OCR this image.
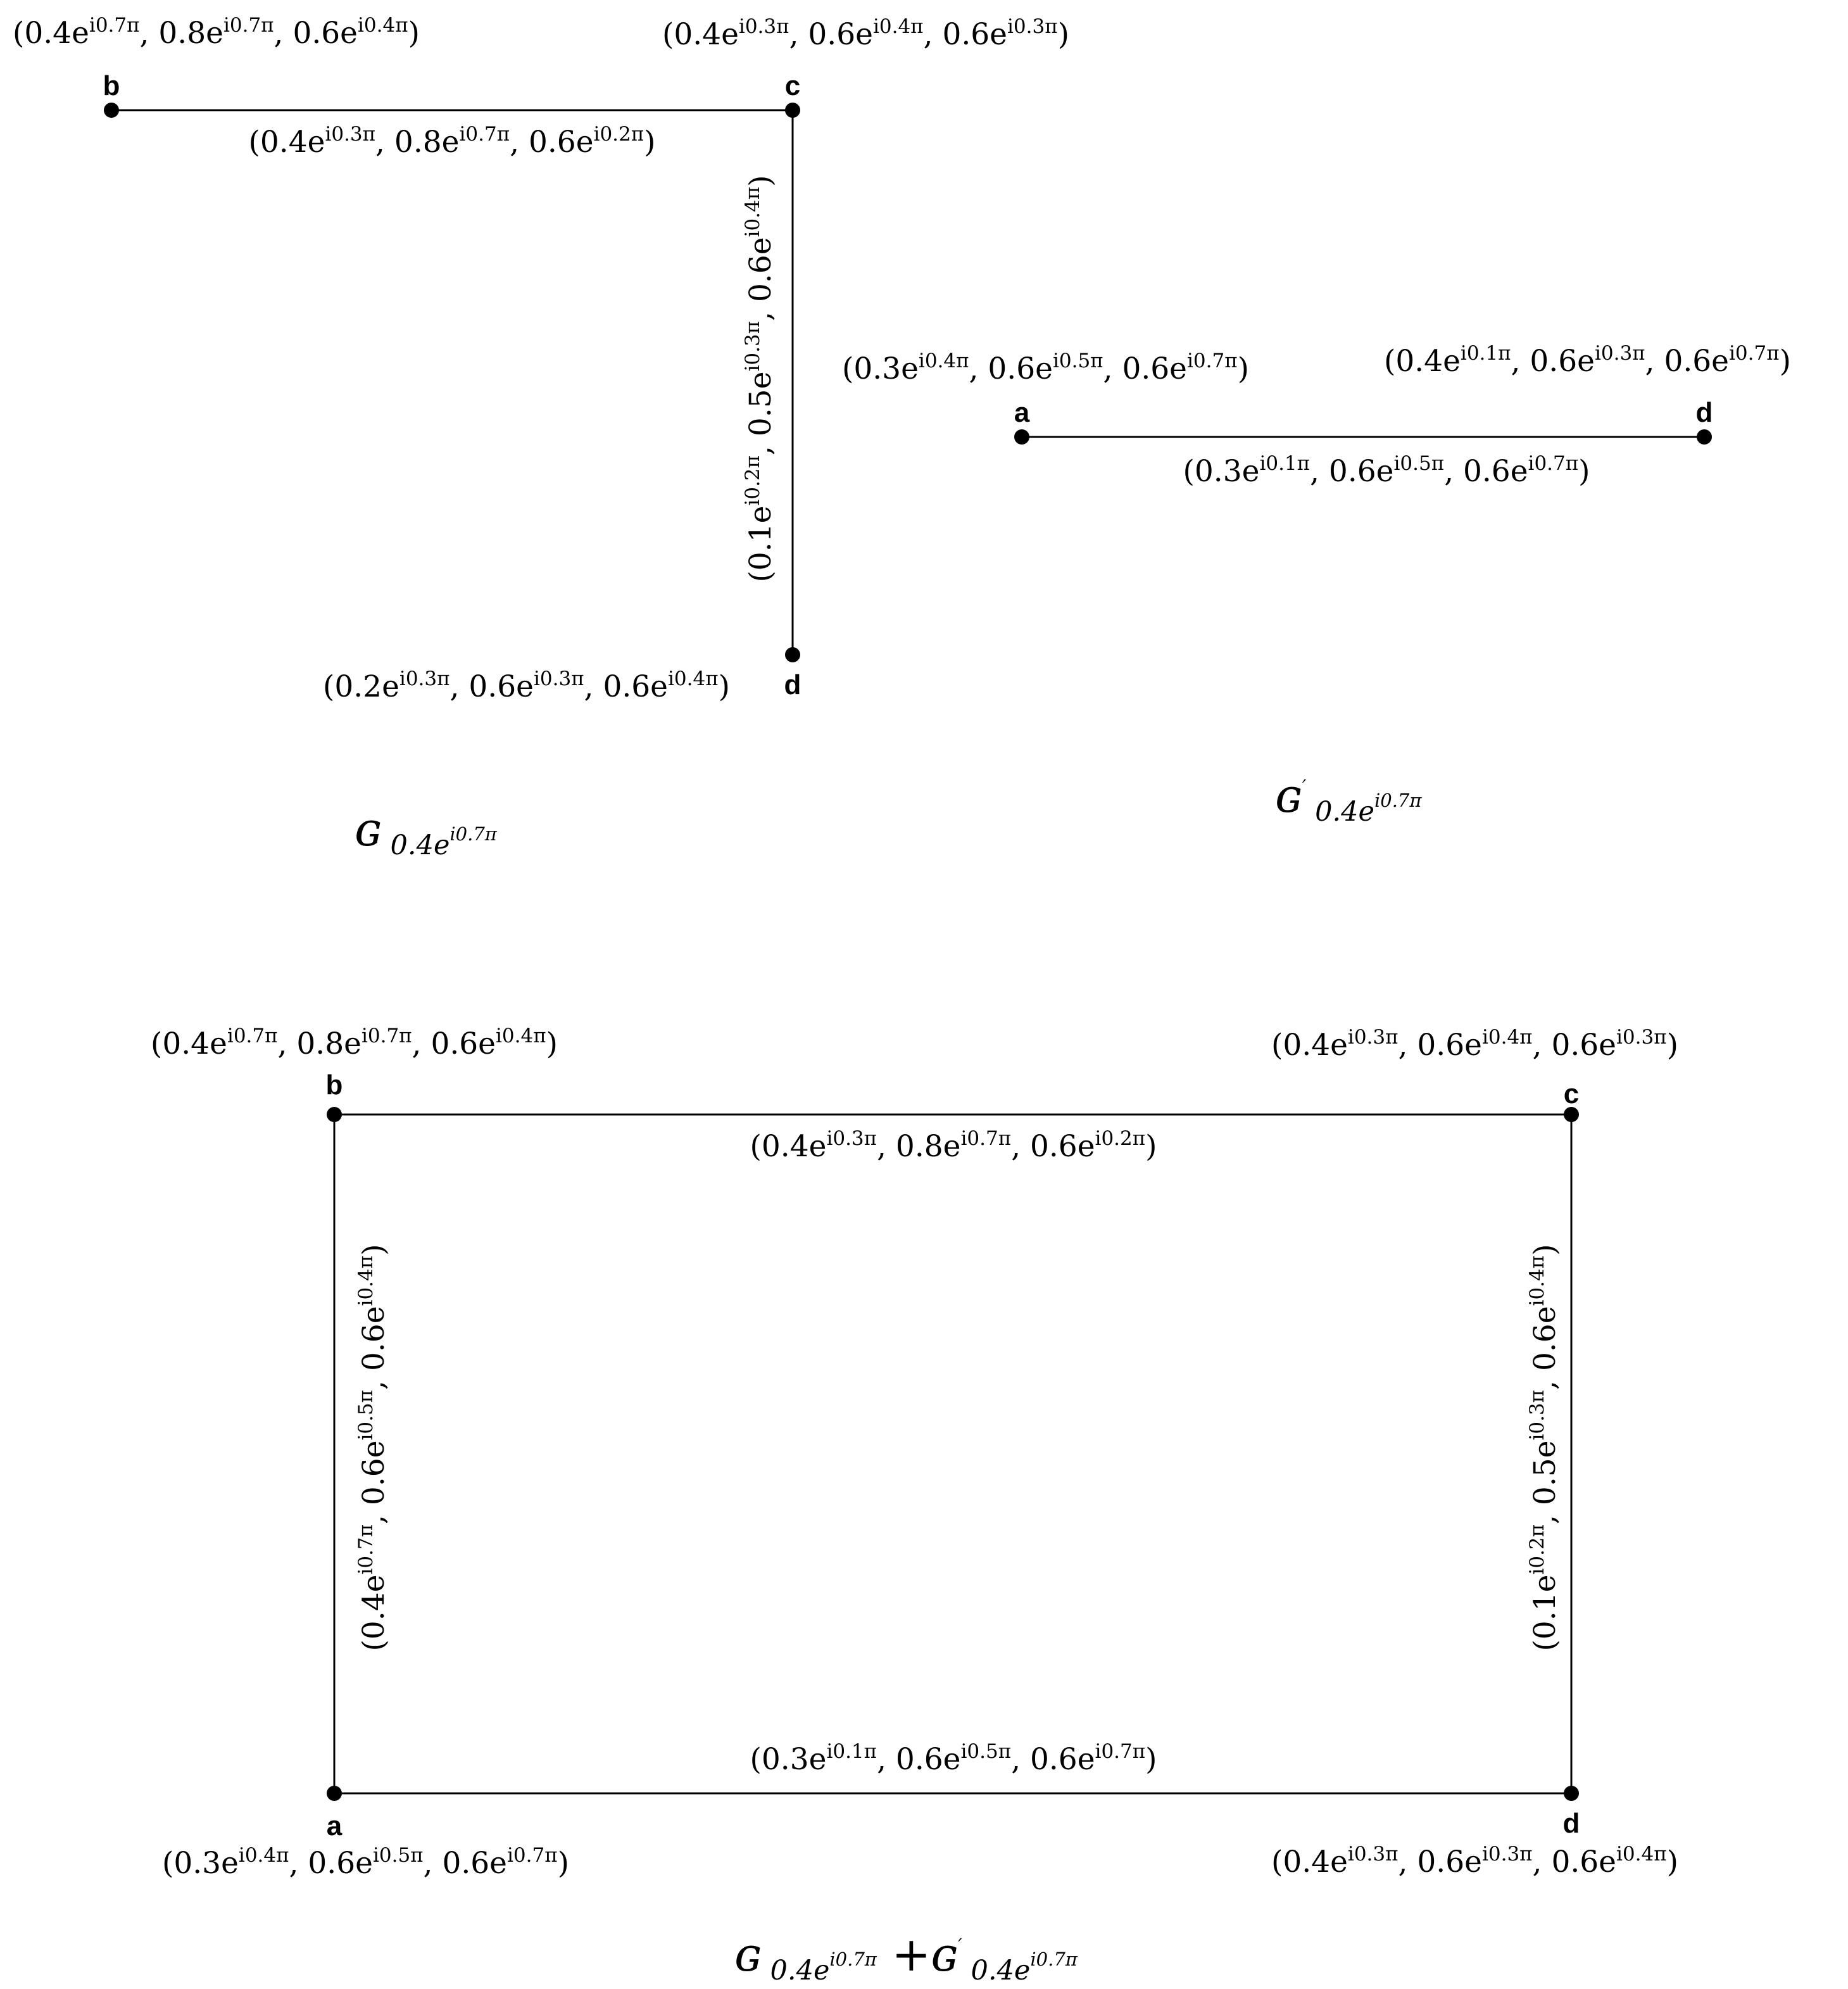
($0.4e^{i0.3\pi}$, $0.8e^{i0.7\pi}$, $0.6e^{i0.2\pi}$)
($0.1e^{i0.2\pi}$, $0.5e^{i0.3\pi}$, $0.6e^{i0.4\pi}$)
b
($0.4e^{i0.7\pi}$, $0.8e^{i0.7\pi}$, $0.6e^{i0.4\pi}$)
c
($0.4e^{i0.3\pi}$, $0.6e^{i0.4\pi}$, $0.6e^{i0.3\pi}$)
d
($0.2e^{i0.3\pi}$, $0.6e^{i0.3\pi}$, $0.6e^{i0.4\pi}$)
($0.3e^{i0.1\pi}$, $0.6e^{i0.5\pi}$, $0.6e^{i0.7\pi}$)
a
($0.3e^{i0.4\pi}$, $0.6e^{i0.5\pi}$, $0.6e^{i0.7\pi}$)
d
($0.4e^{i0.1\pi}$, $0.6e^{i0.3\pi}$, $0.6e^{i0.7\pi}$)
($0.4e^{i0.3\pi}$, $0.8e^{i0.7\pi}$, $0.6e^{i0.2\pi}$)
($0.4e^{i0.7\pi}$, $0.6e^{i0.5\pi}$, $0.6e^{i0.4\pi}$)
($0.1e^{i0.2\pi}$, $0.5e^{i0.3\pi}$, $0.6e^{i0.4\pi}$)
($0.3e^{i0.1\pi}$, $0.6e^{i0.5\pi}$, $0.6e^{i0.7\pi}$)
b
($0.4e^{i0.7\pi}$, $0.8e^{i0.7\pi}$, $0.6e^{i0.4\pi}$)
c
($0.4e^{i0.3\pi}$, $0.6e^{i0.4\pi}$, $0.6e^{i0.3\pi}$)
a
($0.3e^{i0.4\pi}$, $0.6e^{i0.5\pi}$, $0.6e^{i0.7\pi}$)
d
($0.4e^{i0.3\pi}$, $0.6e^{i0.3\pi}$, $0.6e^{i0.4\pi}$)
ɢ $0.4e^{i0.7\pi}$
ɢ′ $_{0.4e}^{i0.7\pi}$
ɢ $0.4e^{i0.7\pi}$ +ɢ′ $_{0.4e}^{i0.7\pi}$
